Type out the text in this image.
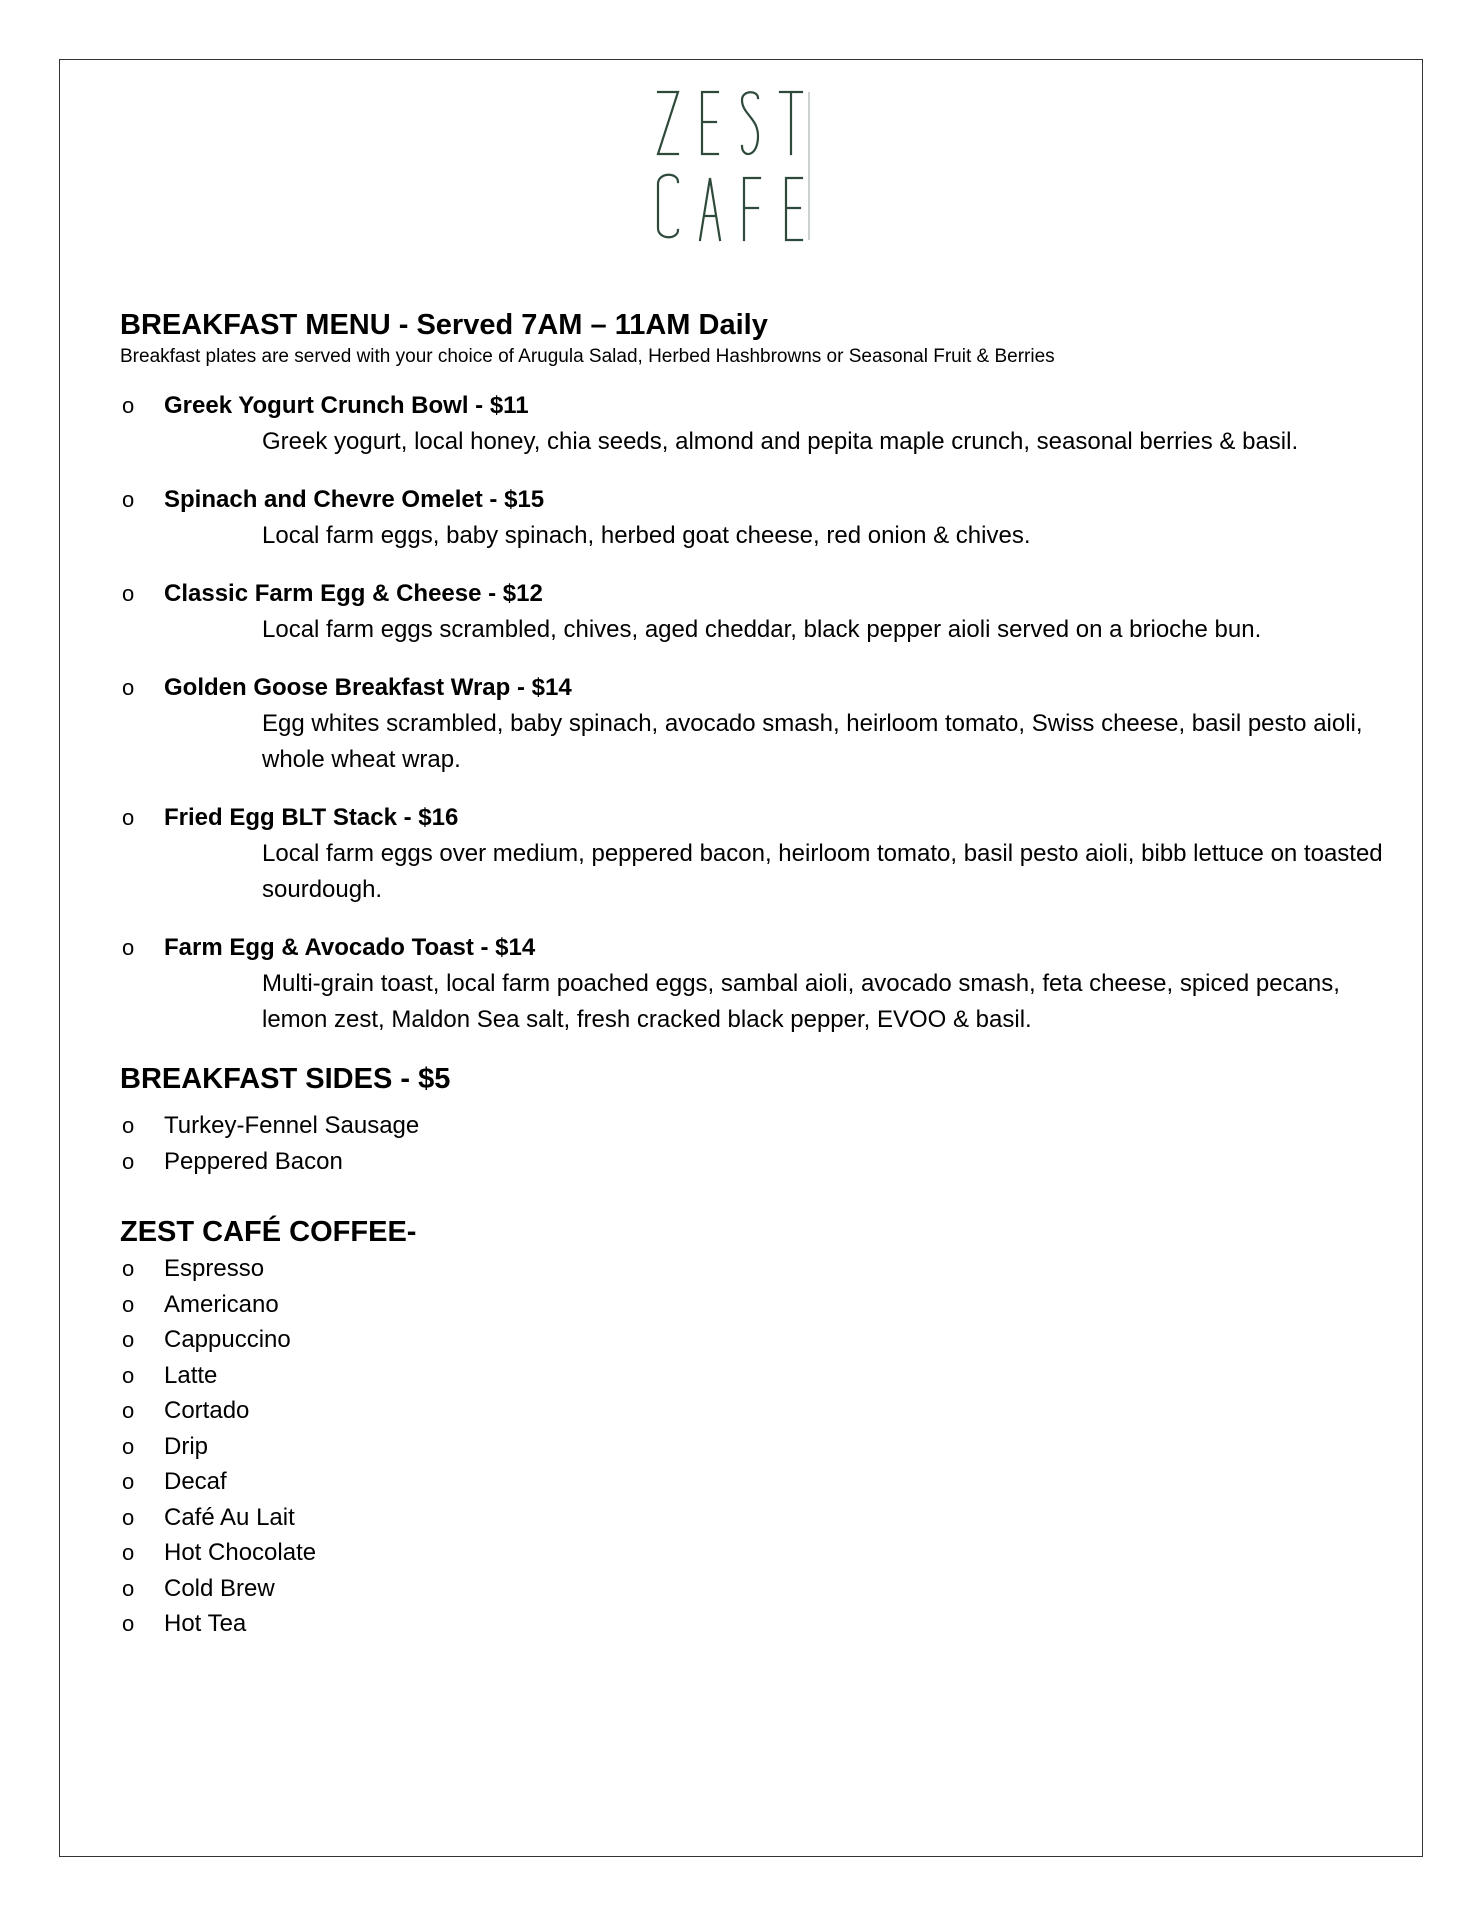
BREAKFAST MENU - Served 7AM – 11AM Daily

Breakfast plates are served with your choice of Arugula Salad, Herbed Hashbrowns or Seasonal Fruit & Berries

o	Greek Yogurt Crunch Bowl - $11
Greek yogurt, local honey, chia seeds, almond and pepita maple crunch, seasonal berries & basil.
o	Spinach and Chevre Omelet - $15
Local farm eggs, baby spinach, herbed goat cheese, red onion & chives.
o	Classic Farm Egg & Cheese - $12
Local farm eggs scrambled, chives, aged cheddar, black pepper aioli served on a brioche bun.
o	Golden Goose Breakfast Wrap - $14
Egg whites scrambled, baby spinach, avocado smash, heirloom tomato, Swiss cheese, basil pesto aioli, whole wheat wrap.
o	Fried Egg BLT Stack - $16
Local farm eggs over medium, peppered bacon, heirloom tomato, basil pesto aioli, bibb lettuce on toasted sourdough.
o	Farm Egg & Avocado Toast - $14
Multi-grain toast, local farm poached eggs, sambal aioli, avocado smash, feta cheese, spiced pecans, lemon zest, Maldon Sea salt, fresh cracked black pepper, EVOO & basil.
BREAKFAST SIDES - $5
o Turkey-Fennel Sausage
o Peppered Bacon
ZEST CAFÉ COFFEE-
o Espresso
o Americano
o Cappuccino
o Latte
o Cortado
o Drip
o Decaf
o Café Au Lait
o Hot Chocolate
o Cold Brew
o Hot Tea
